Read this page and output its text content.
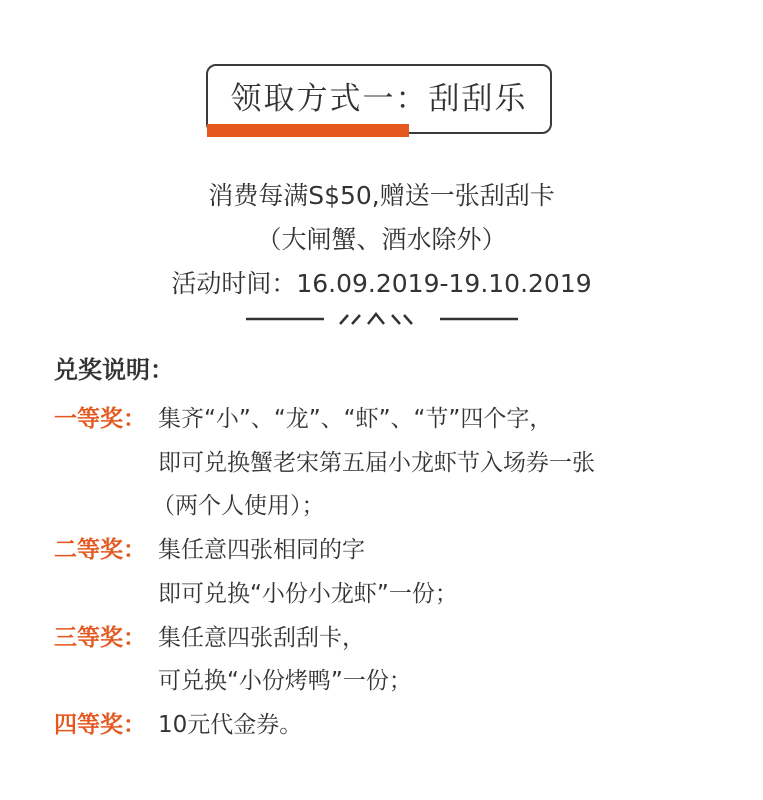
领取方式一：刮刮乐
消费每满S$50,赠送一张刮刮卡
（大闸蟹、酒水除外）
活动时间：16.09.2019-19.10.2019
兑奖说明：
一等奖： 集齐“小”、“龙”、“虾”、“节”四个字，
即可兑换蟹老宋第五届小龙虾节入场券一张
（两个人使用）；
二等奖： 集任意四张相同的字
即可兑换“小份小龙虾”一份；
三等奖： 集任意四张刮刮卡，
可兑换“小份烤鸭”一份；
四等奖： 10元代金券。
